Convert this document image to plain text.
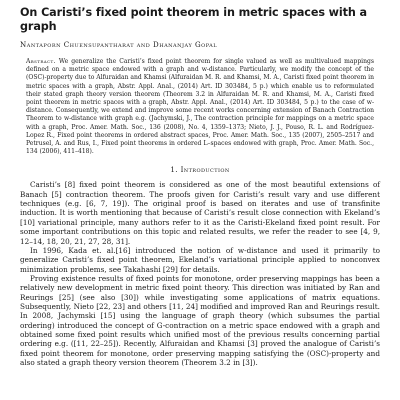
On Caristi’s fixed point theorem in metric spaces with a graph
Nantaporn Chuensupantharat and Dhananjay Gopal

Abstract. We generalize the Caristi’s fixed point theorem for single valued as well as multivalued mappings defined on a metric space endowed with a graph and w-distance. Particularly, we modify the concept of the (OSC)-property due to Alfuraidan and Khamsi (Alfuraidan M. R. and Khamsi, M. A., Caristi fixed point theorem in metric spaces with a graph, Abstr. Appl. Anal., (2014) Art. ID 303484, 5 p.) which enable us to reformulated their stated graph theory version theorem (Theorem 3.2 in Alfuraidan M. R. and Khamsi, M. A., Caristi fixed point theorem in metric spaces with a graph, Abstr. Appl. Anal., (2014) Art. ID 303484, 5 p.) to the case of w-distance. Consequently, we extend and improve some recent works concerning extension of Banach Contraction Theorem to w-distance with graph e.g. (Jachymski, J., The contraction principle for mappings on a metric space with a graph, Proc. Amer. Math. Soc., 136 (2008), No. 4, 1359–1373; Nieto, J. J., Pouso, R. L. and Rodríguez-Lopez R., Fixed point theorems in ordered abstract spaces, Proc. Amer. Math. Soc., 135 (2007), 2505–2517 and Petrusel, A. and Rus, I., Fixed point theorems in ordered L–spaces endowed with graph, Proc. Amer. Math. Soc., 134 (2006), 411–418).

1. Introduction

Caristi’s [8] fixed point theorem is considered as one of the most beautiful extensions of Banach [5] contraction theorem. The proofs given for Caristi’s result vary and use different techniques (e.g. [6, 7, 19]). The original proof is based on iterates and use of transfinite induction. It is worth mentioning that because of Caristi’s result close connection with Ekeland’s [10] variational principle, many authors refer to it as the Caristi-Ekeland fixed point result. For some important contributions on this topic and related results, we refer the reader to see [4, 9, 12–14, 18, 20, 21, 27, 28, 31].

In 1996, Kada et. al.[16] introduced the notion of w-distance and used it primarily to generalize Caristi’s fixed point theorem, Ekeland’s variational principle applied to nonconvex minimization problems, see Takahashi [29] for details.

Proving existence results of fixed points for monotone, order preserving mappings has been a relatively new development in metric fixed point theory. This direction was initiated by Ran and Reurings [25] (see also [30]) while investigating some applications of matrix equations. Subsequently, Nieto [22, 23] and others [11, 24] modified and improved Ran and Reurings result. In 2008, Jachymski [15] using the language of graph theory (which subsumes the partial ordering) introduced the concept of G-contraction on a metric space endowed with a graph and obtained some fixed point results which unified most of the previous results concerning partial ordering e.g. ([11, 22–25]). Recently, Alfuraidan and Khamsi [3] proved the analogue of Caristi’s fixed point theorem for monotone, order preserving mapping satisfying the (OSC)-property and also stated a graph theory version theorem (Theorem 3.2 in [3]).
